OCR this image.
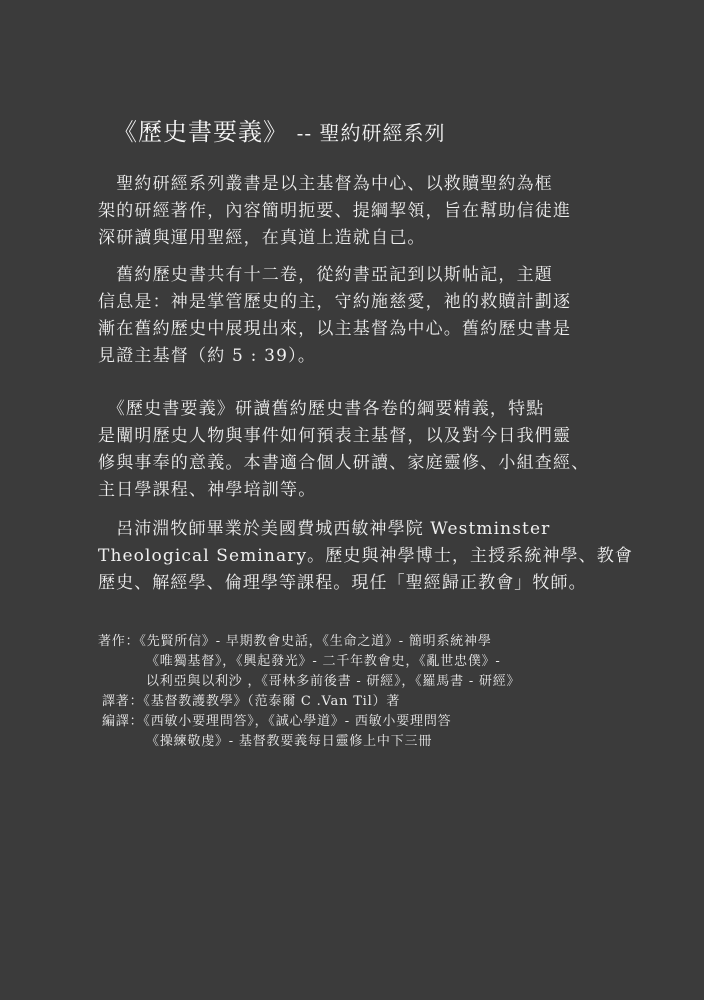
《歷史書要義》 -- 聖約研經系列

　聖約研經系列叢書是以主基督為中心、以救贖聖約為框
架的研經著作，內容簡明扼要、提綱挈領，旨在幫助信徒進
深研讀與運用聖經，在真道上造就自己。

　舊約歷史書共有十二卷，從約書亞記到以斯帖記，主題
信息是：神是掌管歷史的主，守約施慈愛，祂的救贖計劃逐
漸在舊約歷史中展現出來，以主基督為中心。舊約歷史書是
見證主基督（約 5 : 39）。

　《歷史書要義》研讀舊約歷史書各卷的綱要精義，特點
是闡明歷史人物與事件如何預表主基督，以及對今日我們靈
修與事奉的意義。本書適合個人研讀、家庭靈修、小組查經、
主日學課程、神學培訓等。

　呂沛淵牧師畢業於美國費城西敏神學院 Westminster
Theological Seminary。歷史與神學博士，主授系統神學、教會
歷史、解經學、倫理學等課程。現任「聖經歸正教會」牧師。

著作：《先賢所信》- 早期教會史話，《生命之道》- 簡明系統神學
《唯獨基督》，《興起發光》- 二千年教會史，《亂世忠僕》-
以利亞與以利沙 ，《哥林多前後書 - 研經》，《羅馬書 - 研經》
譯著：《基督教護教學》（范泰爾 C .Van Til）著
編譯：《西敏小要理問答》，《誠心學道》- 西敏小要理問答
《操練敬虔》- 基督教要義每日靈修上中下三冊
